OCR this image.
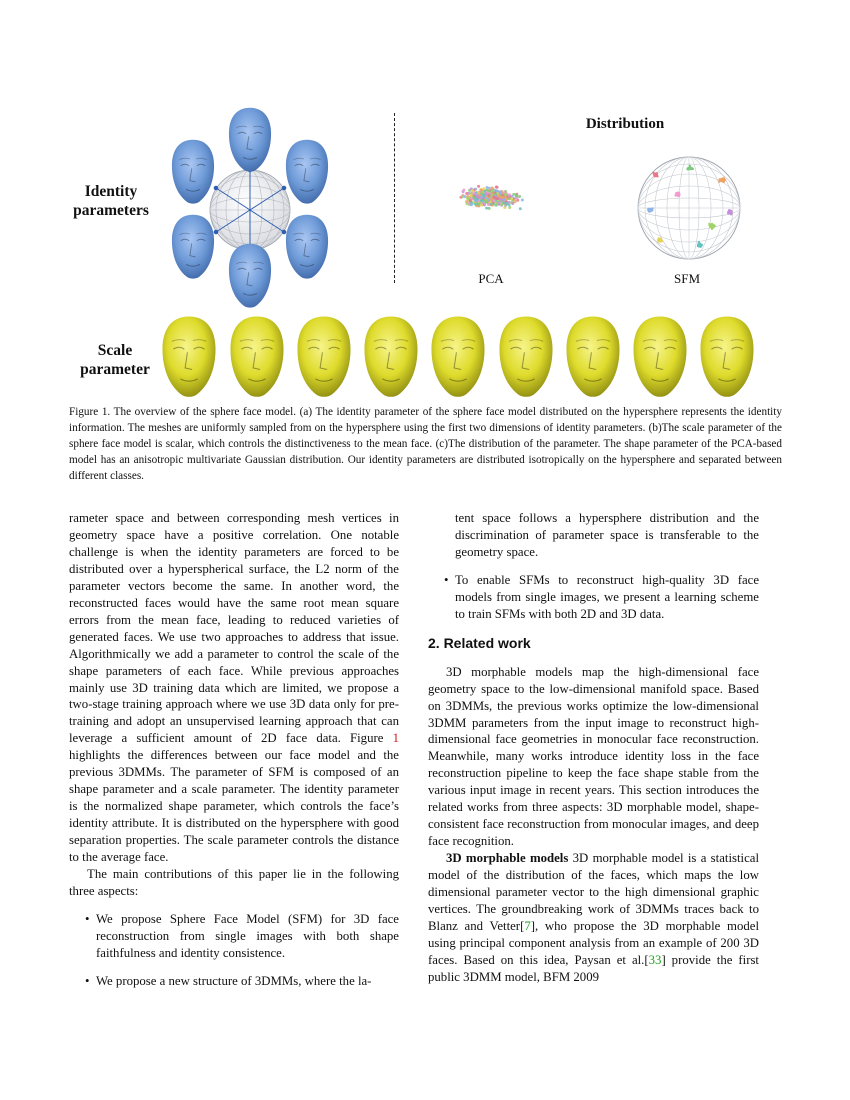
Identity
parameters
Scale
parameter
Distribution
PCA	SFM
Figure 1. The overview of the sphere face model. (a) The identity parameter of the sphere face model distributed on the hypersphere represents the identity information. The meshes are uniformly sampled from on the hypersphere using the first two dimensions of identity parameters. (b)The scale parameter of the sphere face model is scalar, which controls the distinctiveness to the mean face. (c)The distribution of the parameter. The shape parameter of the PCA-based model has an anisotropic multivariate Gaussian distribution. Our identity parameters are distributed isotropically on the hypersphere and separated between different classes.

rameter space and between corresponding mesh vertices in geometry space have a positive correlation. One notable challenge is when the identity parameters are forced to be distributed over a hyperspherical surface, the L2 norm of the parameter vectors become the same. In another word, the reconstructed faces would have the same root mean square errors from the mean face, leading to reduced varieties of generated faces. We use two approaches to address that issue. Algorithmically we add a parameter to control the scale of the shape parameters of each face. While previous approaches mainly use 3D training data which are limited, we propose a two-stage training approach where we use 3D data only for pre-training and adopt an unsupervised learning approach that can leverage a sufficient amount of 2D face data. Figure 1 highlights the differences between our face model and the previous 3DMMs. The parameter of SFM is composed of an shape parameter and a scale parameter. The identity parameter is the normalized shape parameter, which controls the face’s identity attribute. It is distributed on the hypersphere with good separation properties. The scale parameter controls the distance to the average face.

The main contributions of this paper lie in the following three aspects:

• We propose Sphere Face Model (SFM) for 3D face reconstruction from single images with both shape faithfulness and identity consistence.

• We propose a new structure of 3DMMs, where the la-

tent space follows a hypersphere distribution and the discrimination of parameter space is transferable to the geometry space.

• To enable SFMs to reconstruct high-quality 3D face models from single images, we present a learning scheme to train SFMs with both 2D and 3D data.

2. Related work

3D morphable models map the high-dimensional face geometry space to the low-dimensional manifold space. Based on 3DMMs, the previous works optimize the low-dimensional 3DMM parameters from the input image to reconstruct high-dimensional face geometries in monocular face reconstruction. Meanwhile, many works introduce identity loss in the face reconstruction pipeline to keep the face shape stable from the various input image in recent years. This section introduces the related works from three aspects: 3D morphable model, shape-consistent face reconstruction from monocular images, and deep face recognition.

3D morphable models 3D morphable model is a statistical model of the distribution of the faces, which maps the low dimensional parameter vector to the high dimensional graphic vertices. The groundbreaking work of 3DMMs traces back to Blanz and Vetter[7], who propose the 3D morphable model using principal component analysis from an example of 200 3D faces. Based on this idea, Paysan et al.[33] provide the first public 3DMM model, BFM 2009
